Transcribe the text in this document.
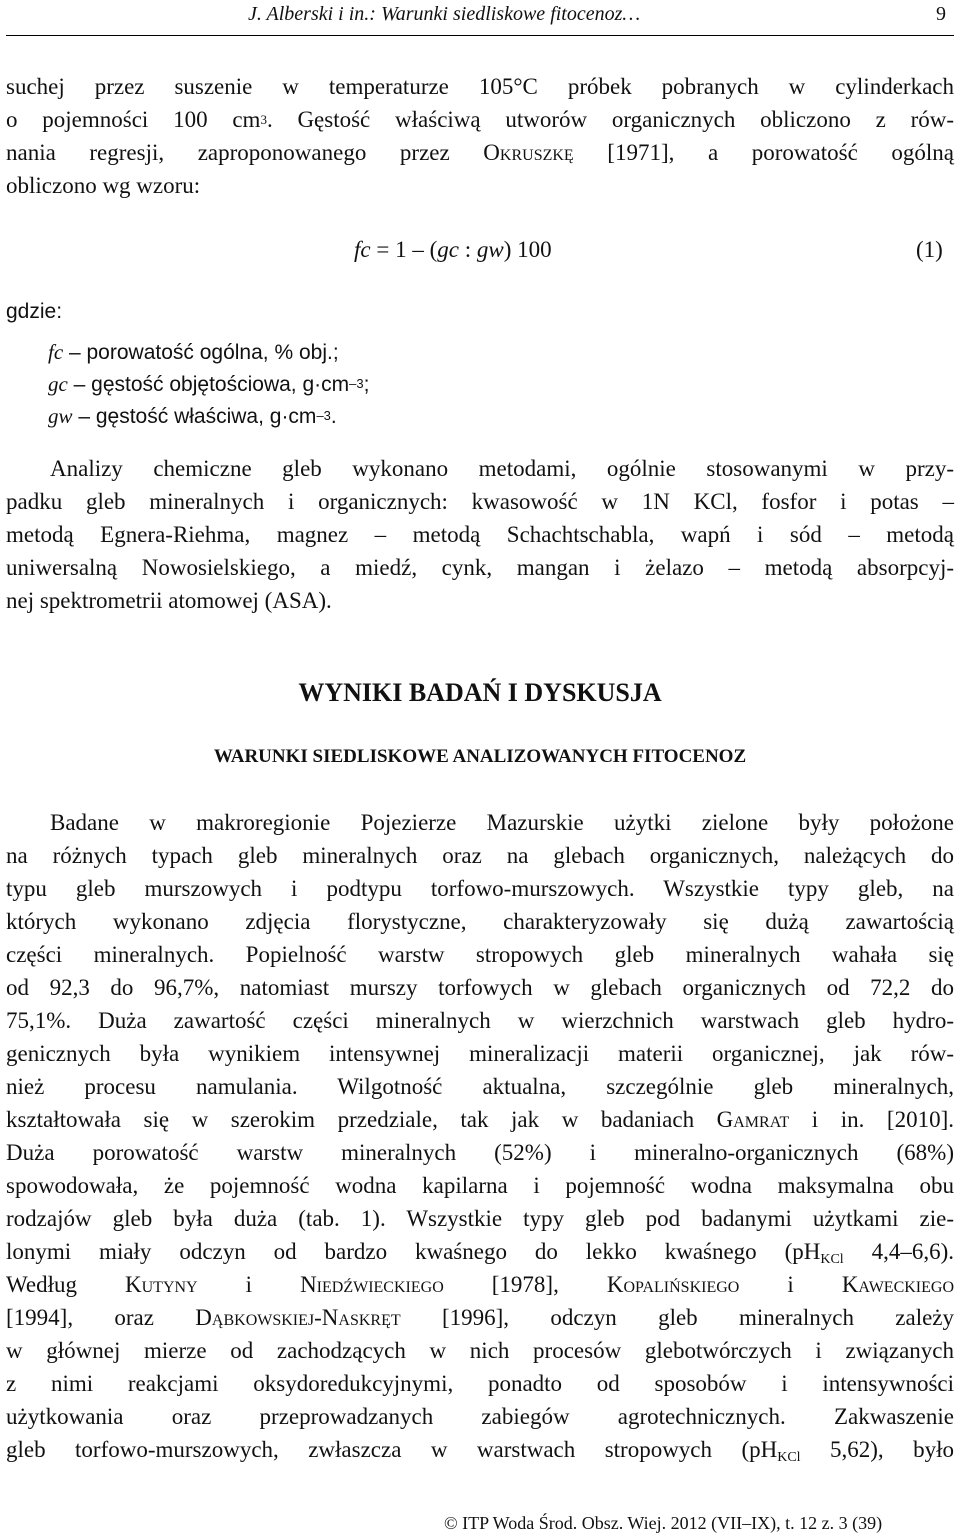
J. Alberski i in.: Warunki siedliskowe fitocenoz…	9
suchej przez suszenie w temperaturze 105°C próbek pobranych w cylinderkach
o pojemności 100 $cm^3$. Gęstość właściwą utworów organicznych obliczono z rów-
nania regresji, zaproponowanego przez Okruszkę [1971], a porowatość ogólną
obliczono wg wzoru:
fc = 1 – (gc : gw) 100	(1)
gdzie:
fc – porowatość ogólna, % obj.;
gc – gęstość objętościowa, $g\cdot cm^{-3}$;
gw – gęstość właściwa, $g\cdot cm^{-3}$.
Analizy chemiczne gleb wykonano metodami, ogólnie stosowanymi w przy-
padku gleb mineralnych i organicznych: kwasowość w 1N KCl, fosfor i potas –
metodą Egnera-Riehma, magnez – metodą Schachtschabla, wapń i sód – metodą
uniwersalną Nowosielskiego, a miedź, cynk, mangan i żelazo – metodą absorpcyj-
nej spektrometrii atomowej (ASA).
WYNIKI BADAŃ I DYSKUSJA
WARUNKI SIEDLISKOWE ANALIZOWANYCH FITOCENOZ
Badane w makroregionie Pojezierze Mazurskie użytki zielone były położone
na różnych typach gleb mineralnych oraz na glebach organicznych, należących do
typu gleb murszowych i podtypu torfowo-murszowych. Wszystkie typy gleb, na
których wykonano zdjęcia florystyczne, charakteryzowały się dużą zawartością
części mineralnych. Popielność warstw stropowych gleb mineralnych wahała się
od 92,3 do 96,7%, natomiast murszy torfowych w glebach organicznych od 72,2 do
75,1%. Duża zawartość części mineralnych w wierzchnich warstwach gleb hydro-
genicznych była wynikiem intensywnej mineralizacji materii organicznej, jak rów-
nież procesu namulania. Wilgotność aktualna, szczególnie gleb mineralnych,
kształtowała się w szerokim przedziale, tak jak w badaniach Gamrat i in. [2010].
Duża porowatość warstw mineralnych (52%) i mineralno-organicznych (68%)
spowodowała, że pojemność wodna kapilarna i pojemność wodna maksymalna obu
rodzajów gleb była duża (tab. 1). Wszystkie typy gleb pod badanymi użytkami zie-
lonymi miały odczyn od bardzo kwaśnego do lekko kwaśnego ($pH_{KCl}$ 4,4–6,6).
Według Kutyny i Niedźwieckiego [1978], Kopalińskiego i Kaweckiego
[1994], oraz Dąbkowskiej-Naskręt [1996], odczyn gleb mineralnych zależy
w głównej mierze od zachodzących w nich procesów glebotwórczych i związanych
z nimi reakcjami oksydoredukcyjnymi, ponadto od sposobów i intensywności
użytkowania oraz przeprowadzanych zabiegów agrotechnicznych. Zakwaszenie
gleb torfowo-murszowych, zwłaszcza w warstwach stropowych ($pH_{KCl}$ 5,62), było
© ITP Woda Środ. Obsz. Wiej. 2012 (VII–IX), t. 12 z. 3 (39)
